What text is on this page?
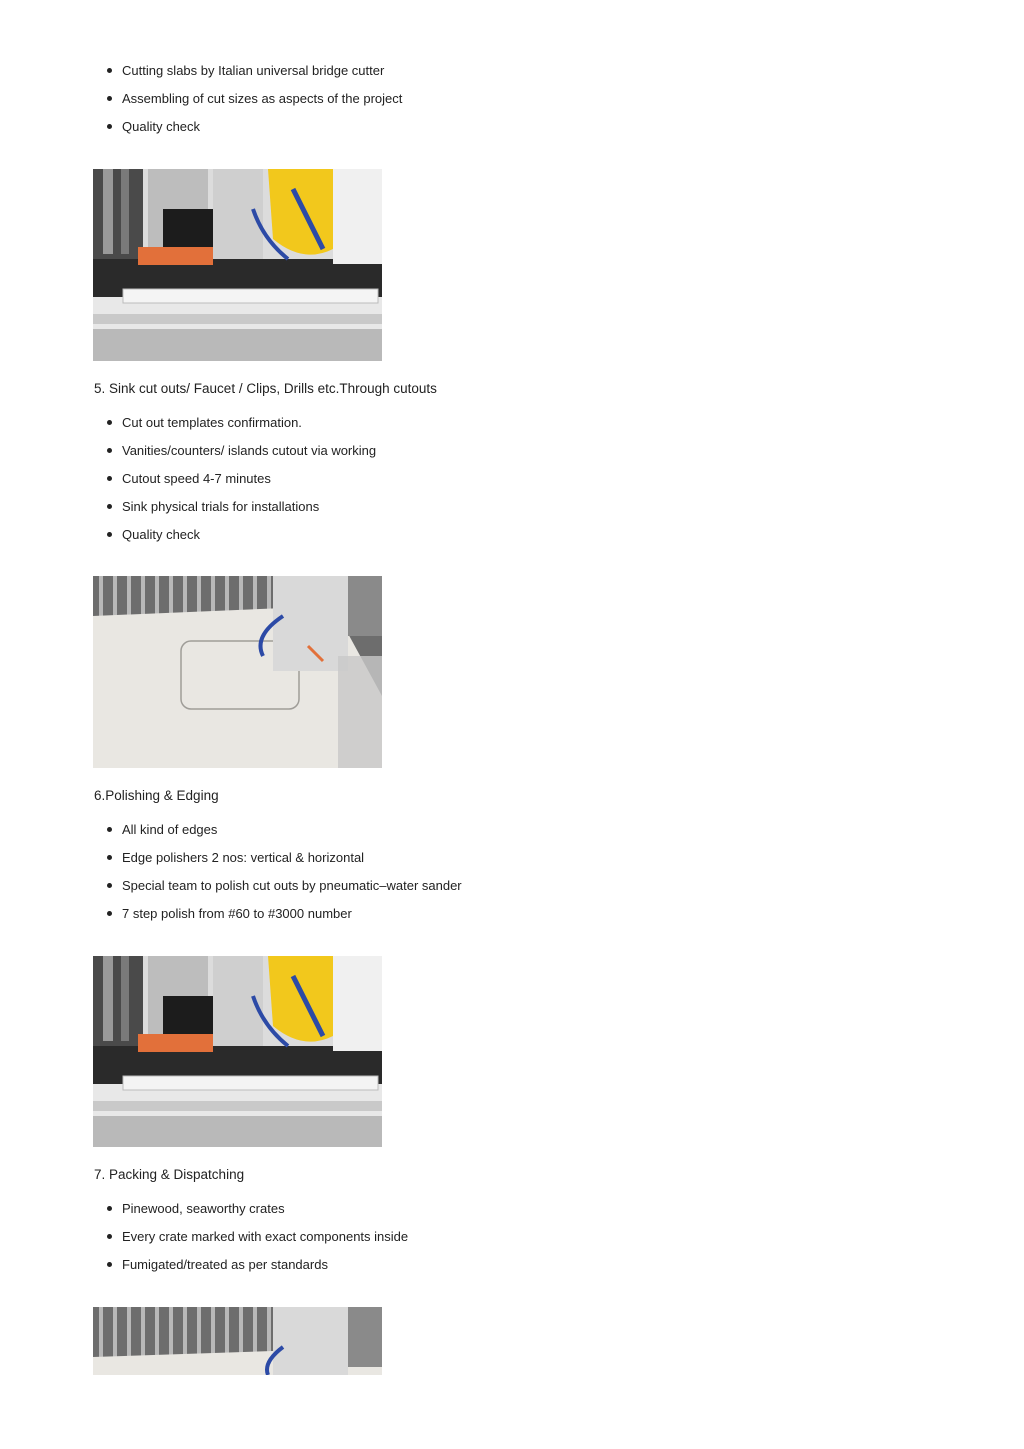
Cutting slabs by Italian universal bridge cutter
Assembling of cut sizes as aspects of the project
Quality check
5. Sink cut outs/ Faucet / Clips, Drills etc.Through cutouts
Cut out templates confirmation.
Vanities/counters/ islands cutout via working
Cutout speed 4-7 minutes
Sink physical trials for installations
Quality check
6.Polishing & Edging
All kind of edges
Edge polishers 2 nos: vertical & horizontal
Special team to polish cut outs by pneumatic–water sander
7 step polish from #60 to #3000 number
7. Packing & Dispatching
Pinewood, seaworthy crates
Every crate marked with exact components inside
Fumigated/treated as per standards
